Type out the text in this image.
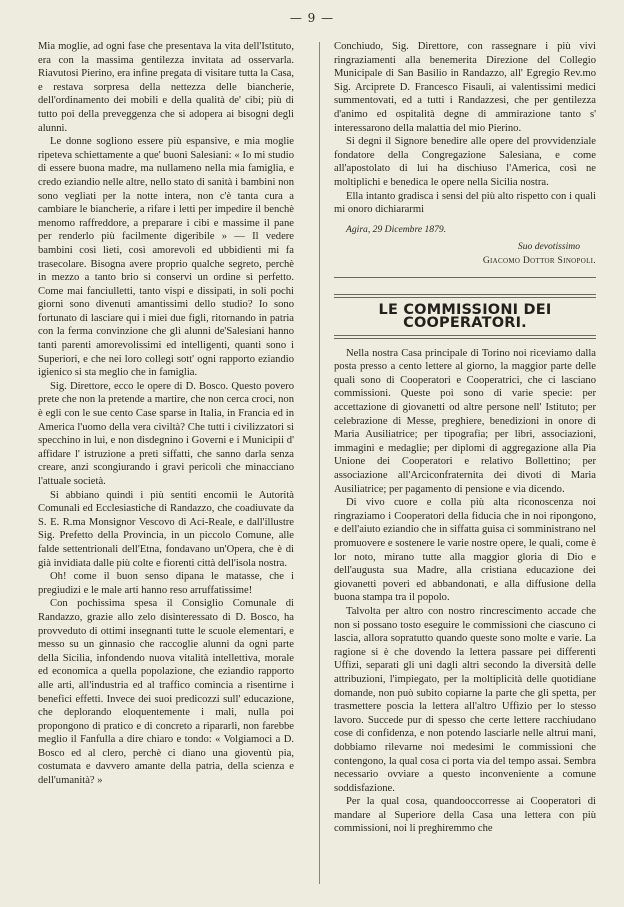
— 9 —

Mia moglie, ad ogni fase che presentava la vita dell'Istituto, era con la massima gentilezza invitata ad osservarla. Riavutosi Pierino, era infine pregata di visitare tutta la Casa, e restava sorpresa della nettezza delle biancherie, dell'ordinamento dei mobili e della qualità de' cibi; più di tutto poi della preveggenza che si adopera ai bisogni degli alunni.

Le donne sogliono essere più espansive, e mia moglie ripeteva schiettamente a que' buoni Salesiani: « Io mi studio di essere buona madre, ma nullameno nella mia famiglia, e credo eziandio nelle altre, nello stato di sanità i bambini non sono vegliati per la notte intera, non c'è tanta cura a cambiare le biancherie, a rifare i letti per impedire il benchè menomo raffreddore, a preparare i cibi e massime il pane per renderlo più facilmente digeribile » — Il vedere bambini così lieti, così amorevoli ed ubbidienti mi fa trasecolare. Bisogna avere proprio qualche segreto, perchè in mezzo a tanto brio si conservi un ordine sì perfetto. Come mai fanciulletti, tanto vispi e dissipati, in soli pochi giorni sono divenuti amantissimi dello studio? Io sono fortunato di lasciare qui i miei due figli, ritornando in patria con la ferma convinzione che gli alunni de'Salesiani hanno tanti parenti amorevolissimi ed intelligenti, quanti sono i Superiori, e che nei loro collegi sott' ogni rapporto eziandio igienico si sta meglio che in famiglia.

Sig. Direttore, ecco le opere di D. Bosco. Questo povero prete che non la pretende a martire, che non cerca croci, non è egli con le sue cento Case sparse in Italia, in Francia ed in America l'uomo della vera civiltà? Che tutti i civilizzatori si specchino in lui, e non disdegnino i Governi e i Municipii d' affidare l' istruzione a preti siffatti, che sanno darla senza creare, anzi scongiurando i gravi pericoli che minacciano l'attuale società.

Si abbiano quindi i più sentiti encomii le Autorità Comunali ed Ecclesiastiche di Randazzo, che coadiuvate da S. E. R.ma Monsignor Vescovo di Aci-Reale, e dall'illustre Sig. Prefetto della Provincia, in un piccolo Comune, alle falde settentrionali dell'Etna, fondavano un'Opera, che è di già invidiata dalle più colte e fiorenti città dell'isola nostra.

Oh! come il buon senso dipana le matasse, che i pregiudizi e le male arti hanno reso arruffatissime!

Con pochissima spesa il Consiglio Comunale di Randazzo, grazie allo zelo disinteressato di D. Bosco, ha provveduto di ottimi insegnanti tutte le scuole elementari, e messo su un ginnasio che raccoglie alunni da ogni parte della Sicilia, infondendo nuova vitalità intellettiva, morale ed economica a quella popolazione, che eziandio rapporto alle arti, all'industria ed al traffico comincia a risentirne i benefici effetti. Invece dei suoi predicozzi sull' educazione, che deplorando eloquentemente i mali, nulla poi propongono di pratico e di concreto a ripararli, non farebbe meglio il Fanfulla a dire chiaro e tondo: « Volgiamoci a D. Bosco ed al clero, perchè ci diano una gioventù pia, costumata e davvero amante della patria, della scienza e dell'umanità? »

Conchiudo, Sig. Direttore, con rassegnare i più vivi ringraziamenti alla benemerita Direzione del Collegio Municipale di San Basilio in Randazzo, all' Egregio Rev.mo Sig. Arciprete D. Francesco Fisauli, ai valentissimi medici summentovati, ed a tutti i Randazzesi, che per gentilezza d'animo ed ospitalità degne di ammirazione tanto s' interessarono della malattia del mio Pierino.

Si degni il Signore benedire alle opere del provvidenziale fondatore della Congregazione Salesiana, e come all'apostolato di lui ha dischiuso l'America, così ne moltiplichi e benedica le opere nella Sicilia nostra.

Ella intanto gradisca i sensi del più alto rispetto con i quali mi onoro dichiararmi

Agira, 29 Dicembre 1879.

Suo devotissimo

Giacomo Dottor Sinopoli.

LE COMMISSIONI DEI COOPERATORI.

Nella nostra Casa principale di Torino noi riceviamo dalla posta presso a cento lettere al giorno, la maggior parte delle quali sono di Cooperatori e Cooperatrici, che ci lasciano commissioni. Queste poi sono di varie specie: per accettazione di giovanetti od altre persone nell' Istituto; per celebrazione di Messe, preghiere, benedizioni in onore di Maria Ausiliatrice; per tipografia; per libri, associazioni, immagini e medaglie; per diplomi di aggregazione alla Pia Unione dei Cooperatori e relativo Bollettino; per associazione all'Arciconfraternita dei divoti di Maria Ausiliatrice; per pagamento di pensione e via dicendo.

Di vivo cuore e colla più alta riconoscenza noi ringraziamo i Cooperatori della fiducia che in noi ripongono, e dell'aiuto eziandio che in siffatta guisa ci somministrano nel promuovere e sostenere le varie nostre opere, le quali, come è lor noto, mirano tutte alla maggior gloria di Dio e dell'augusta sua Madre, alla cristiana educazione dei giovanetti poveri ed abbandonati, e alla diffusione della buona stampa tra il popolo.

Talvolta per altro con nostro rincrescimento accade che non si possano tosto eseguire le commissioni che ciascuno ci lascia, allora sopratutto quando queste sono molte e varie. La ragione si è che dovendo la lettera passare pei differenti Uffizi, separati gli uni dagli altri secondo la diversità delle attribuzioni, l'impiegato, per la moltiplicità delle quotidiane domande, non può subito copiarne la parte che gli spetta, per trasmettere poscia la lettera all'altro Uffizio per lo stesso lavoro. Succede pur di spesso che certe lettere racchiudano cose di confidenza, e non potendo lasciarle nelle altrui mani, dobbiamo rilevarne noi medesimi le commissioni che contengono, la qual cosa ci porta via del tempo assai. Sembra necessario ovviare a questo inconveniente a comune soddisfazione.

Per la qual cosa, quandooccorresse ai Cooperatori di mandare al Superiore della Casa una lettera con più commissioni, noi li preghiremmo che
